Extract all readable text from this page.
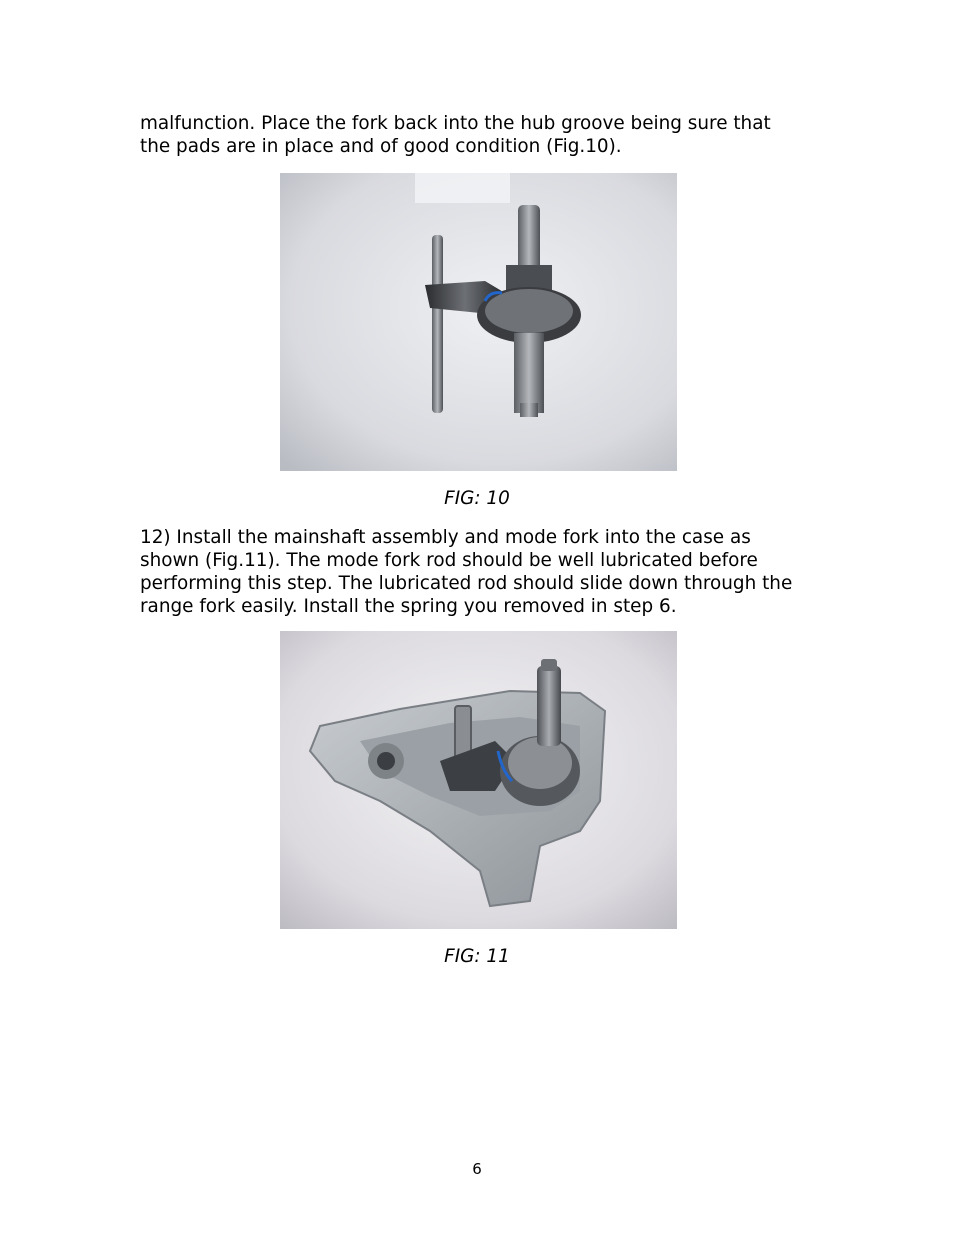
malfunction. Place the fork back into the hub groove being sure that
the pads are in place and of good condition (Fig.10).

FIG: 10

12) Install the mainshaft assembly and mode fork into the case as
shown (Fig.11). The mode fork rod should be well lubricated before
performing this step. The lubricated rod should slide down through the
range fork easily. Install the spring you removed in step 6.

FIG: 11

6
